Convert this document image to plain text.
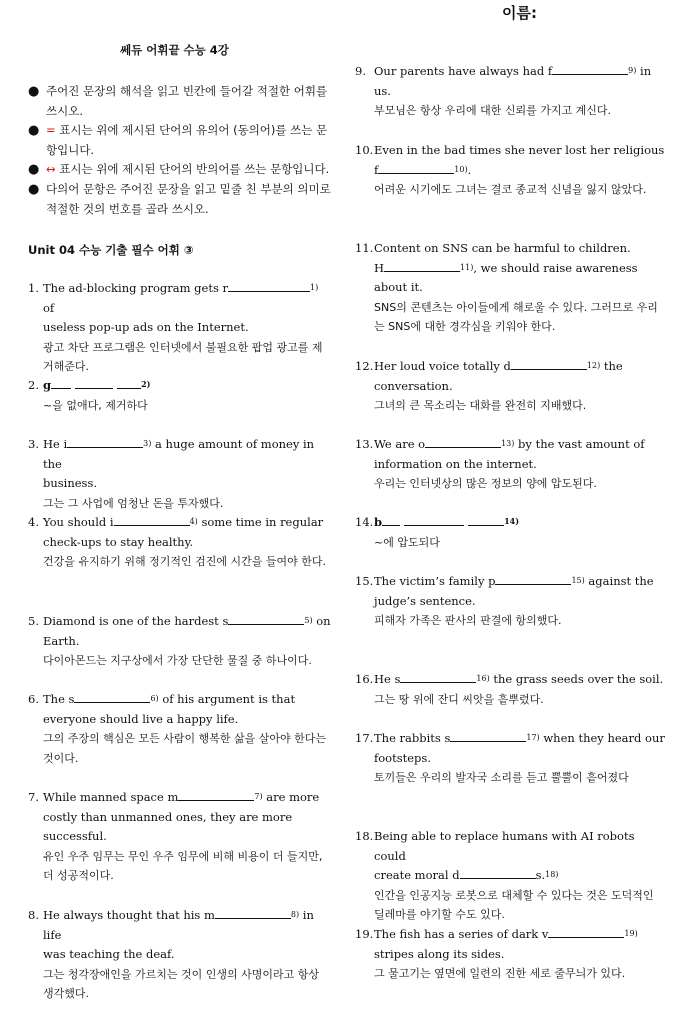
이름:
쎄듀 어휘끝 수능 4강
● 주어진 문장의 해석을 읽고 빈칸에 들어갈 적절한 어휘를 쓰시오.
● = 표시는 위에 제시된 단어의 유의어 (동의어)를 쓰는 문항입니다.
● ↔ 표시는 위에 제시된 단어의 반의어를 쓰는 문항입니다.
● 다의어 문항은 주어진 문장을 읽고 밑줄 친 부분의 의미로 적절한 것의 번호를 골라 쓰시오.
Unit 04 수능 기출 필수 어휘 ③
1. The ad-blocking program gets r	$^{1)}$ of
useless pop-up ads on the Internet.
광고 차단 프로그램은 인터넷에서 불필요한 팝업 광고를 제거해준다.
2. g	$^{2)}$
~을 없애다, 제거하다
3. He i	$^{3)}$ a huge amount of money in the
business.
그는 그 사업에 엄청난 돈을 투자했다.
4. You should i	$^{4)}$ some time in regular
check-ups to stay healthy.
건강을 유지하기 위해 정기적인 검진에 시간을 들여야 한다.
5. Diamond is one of the hardest s	$^{5)}$ on
Earth.
다이아몬드는 지구상에서 가장 단단한 물질 중 하나이다.
6. The s	$^{6)}$ of his argument is that
everyone should live a happy life.
그의 주장의 핵심은 모든 사람이 행복한 삶을 살아야 한다는 것이다.
7. While manned space m	$^{7)}$ are more
costly than unmanned ones, they are more
successful.
유인 우주 임무는 무인 우주 임무에 비해 비용이 더 들지만, 더 성공적이다.
8. He always thought that his m	$^{8)}$ in life
was teaching the deaf.
그는 청각장애인을 가르치는 것이 인생의 사명이라고 항상 생각했다.
9. Our parents have always had f	$^{9)}$ in us.
부모님은 항상 우리에 대한 신뢰를 가지고 계신다.
10. Even in the bad times she never lost her religious
f	$^{10)}$.
어려운 시기에도 그녀는 결코 종교적 신념을 잃지 않았다.
11. Content on SNS can be harmful to children.
H	$^{11)}$, we should raise awareness
about it.
SNS의 콘텐츠는 아이들에게 해로울 수 있다. 그러므로 우리는 SNS에 대한 경각심을 키워야 한다.
12. Her loud voice totally d	$^{12)}$ the
conversation.
그녀의 큰 목소리는 대화를 완전히 지배했다.
13. We are o	$^{13)}$ by the vast amount of
information on the internet.
우리는 인터넷상의 많은 정보의 양에 압도된다.
14. b	$^{14)}$
~에 압도되다
15. The victim’s family p	$^{15)}$ against the
judge’s sentence.
피해자 가족은 판사의 판결에 항의했다.
16. He s	$^{16)}$ the grass seeds over the soil.
그는 땅 위에 잔디 씨앗을 흩뿌렸다.
17. The rabbits s	$^{17)}$ when they heard our
footsteps.
토끼들은 우리의 발자국 소리를 듣고 뿔뿔이 흩어졌다
18. Being able to replace humans with AI robots could
create moral d	s.$^{18)}$
인간을 인공지능 로봇으로 대체할 수 있다는 것은 도덕적인 딜레마를 야기할 수도 있다.
19. The fish has a series of dark v	$^{19)}$
stripes along its sides.
그 물고기는 옆면에 일련의 진한 세로 줄무늬가 있다.
